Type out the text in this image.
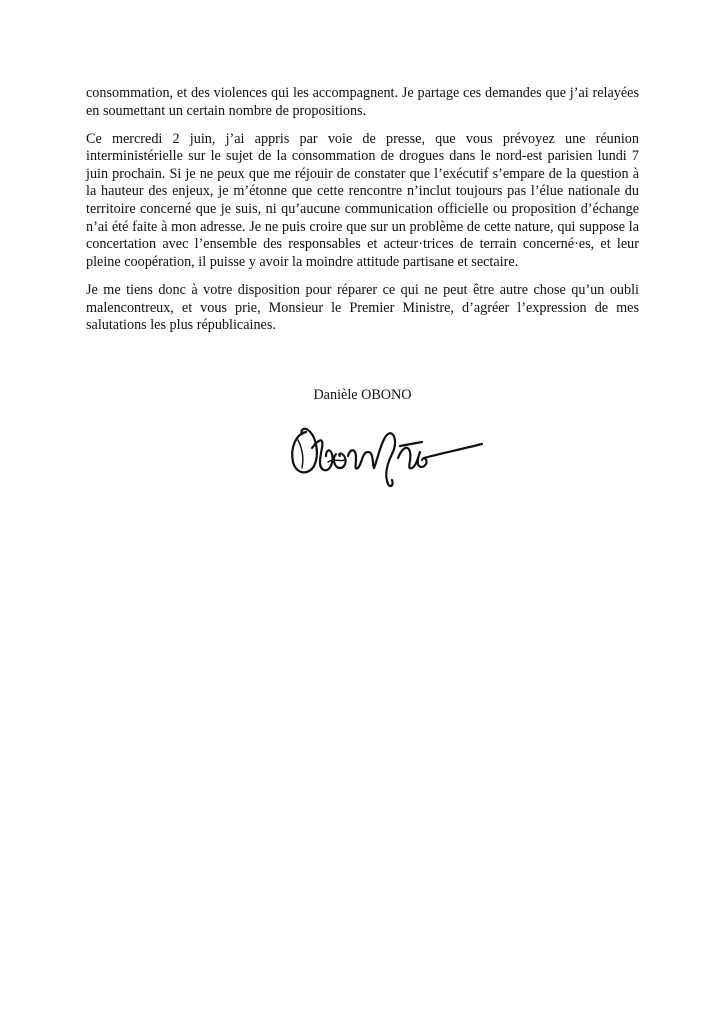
consommation, et des violences qui les accompagnent. Je partage ces demandes que j’ai relayées en soumettant un certain nombre de propositions.

Ce mercredi 2 juin, j’ai appris par voie de presse, que vous prévoyez une réunion interministérielle sur le sujet de la consommation de drogues dans le nord-est parisien lundi 7 juin prochain. Si je ne peux que me réjouir de constater que l’exécutif s’empare de la question à la hauteur des enjeux, je m’étonne que cette rencontre n’inclut toujours pas l’élue nationale du territoire concerné que je suis, ni qu’aucune communication officielle ou proposition d’échange n’ai été faite à mon adresse. Je ne puis croire que sur un problème de cette nature, qui suppose la concertation avec l’ensemble des responsables et acteur·trices de terrain concerné·es, et leur pleine coopération, il puisse y avoir la moindre attitude partisane et sectaire.

Je me tiens donc à votre disposition pour réparer ce qui ne peut être autre chose qu’un oubli malencontreux, et vous prie, Monsieur le Premier Ministre, d’agréer l’expression de mes salutations les plus républicaines.

Danièle OBONO
